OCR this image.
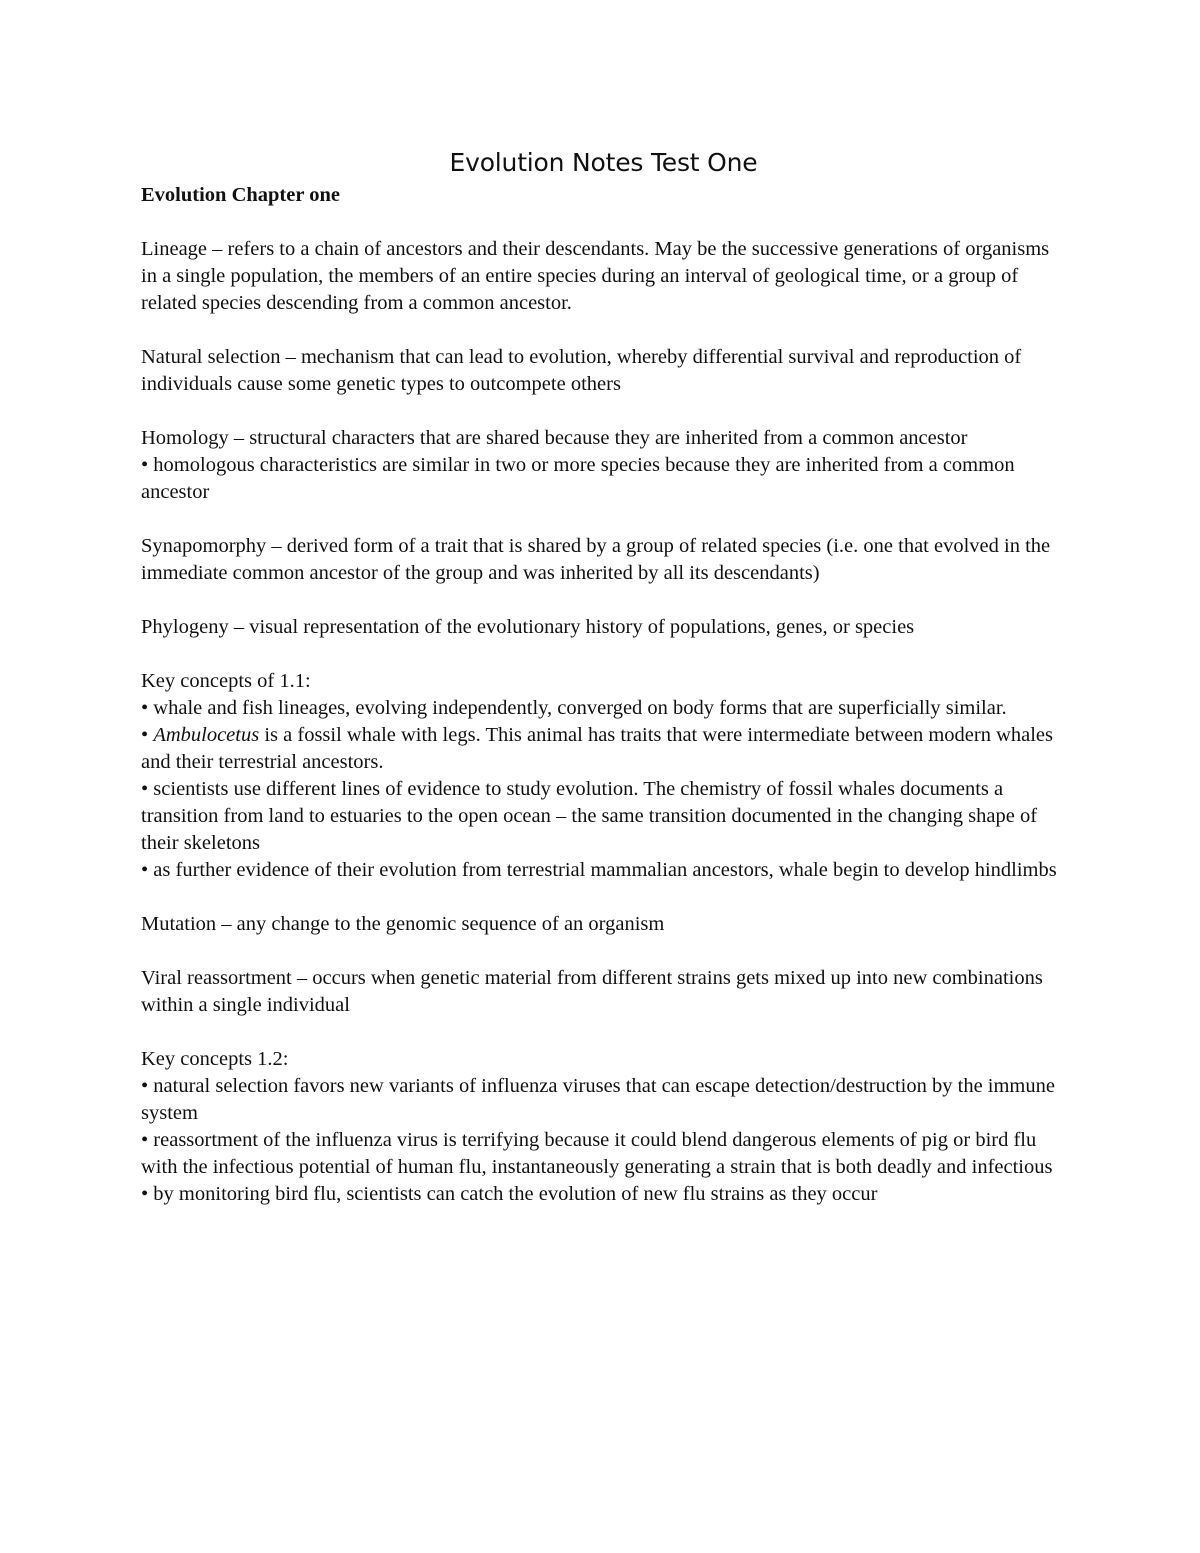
Evolution Notes Test One
Evolution Chapter one
Lineage – refers to a chain of ancestors and their descendants. May be the successive generations of organisms in a single population, the members of an entire species during an interval of geological time, or a group of related species descending from a common ancestor.
Natural selection – mechanism that can lead to evolution, whereby differential survival and reproduction of individuals cause some genetic types to outcompete others
Homology – structural characters that are shared because they are inherited from a common ancestor
• homologous characteristics are similar in two or more species because they are inherited from a common ancestor
Synapomorphy – derived form of a trait that is shared by a group of related species (i.e. one that evolved in the immediate common ancestor of the group and was inherited by all its descendants)
Phylogeny – visual representation of the evolutionary history of populations, genes, or species
Key concepts of 1.1:
• whale and fish lineages, evolving independently, converged on body forms that are superficially similar.
• Ambulocetus is a fossil whale with legs. This animal has traits that were intermediate between modern whales and their terrestrial ancestors.
• scientists use different lines of evidence to study evolution. The chemistry of fossil whales documents a transition from land to estuaries to the open ocean – the same transition documented in the changing shape of their skeletons
• as further evidence of their evolution from terrestrial mammalian ancestors, whale begin to develop hindlimbs
Mutation – any change to the genomic sequence of an organism
Viral reassortment – occurs when genetic material from different strains gets mixed up into new combinations within a single individual
Key concepts 1.2:
• natural selection favors new variants of influenza viruses that can escape detection/destruction by the immune system
• reassortment of the influenza virus is terrifying because it could blend dangerous elements of pig or bird flu with the infectious potential of human flu, instantaneously generating a strain that is both deadly and infectious
• by monitoring bird flu, scientists can catch the evolution of new flu strains as they occur
